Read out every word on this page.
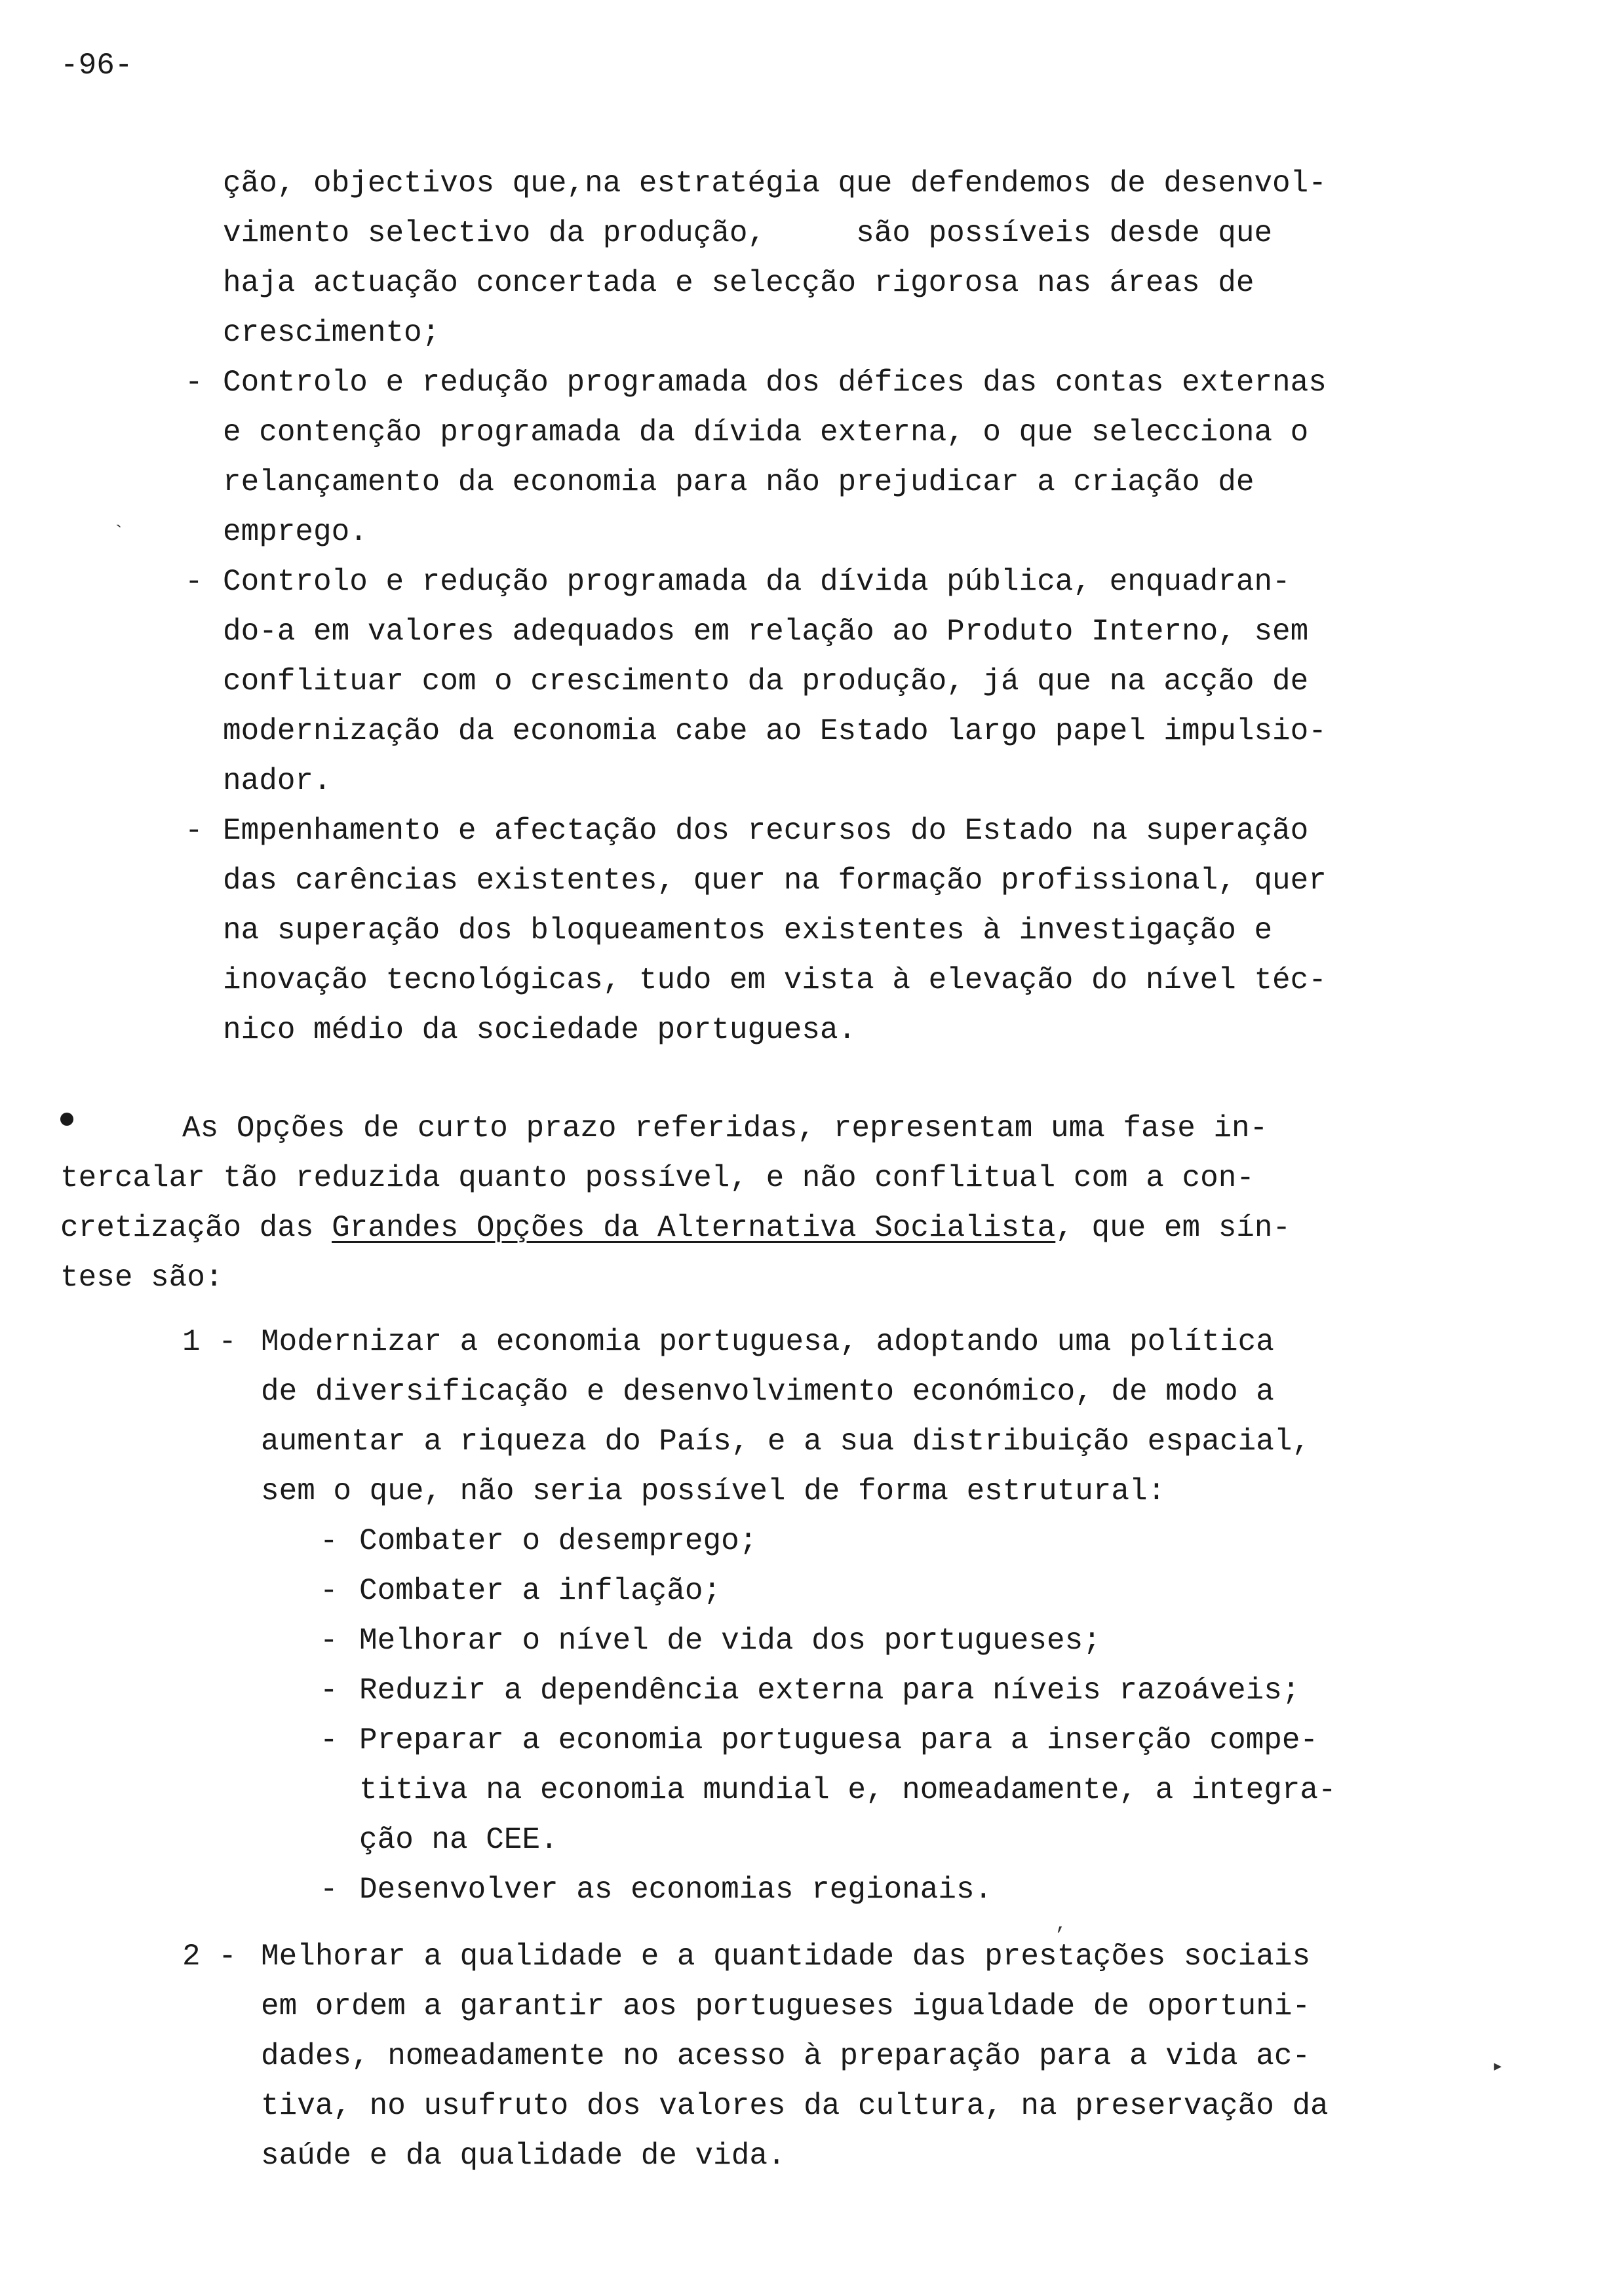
-96-
ção, objectivos que,na estratégia que defendemos de desenvol-
vimento selectivo da produção,     são possíveis desde que
haja actuação concertada e selecção rigorosa nas áreas de
crescimento;
- Controlo e redução programada dos défices das contas externas
e contenção programada da dívida externa, o que selecciona o
relançamento da economia para não prejudicar a criação de
emprego.
`
- Controlo e redução programada da dívida pública, enquadran-
do-a em valores adequados em relação ao Produto Interno, sem
conflituar com o crescimento da produção, já que na acção de
modernização da economia cabe ao Estado largo papel impulsio-
nador.
- Empenhamento e afectação dos recursos do Estado na superação
das carências existentes, quer na formação profissional, quer
na superação dos bloqueamentos existentes à investigação e
inovação tecnológicas, tudo em vista à elevação do nível téc-
nico médio da sociedade portuguesa.
As Opções de curto prazo referidas, representam uma fase in-
tercalar tão reduzida quanto possível, e não conflitual com a con-
cretização das Grandes Opções da Alternativa Socialista, que em sín-
tese são:
1 - Modernizar a economia portuguesa, adoptando uma política
de diversificação e desenvolvimento económico, de modo a
aumentar a riqueza do País, e a sua distribuição espacial,
sem o que, não seria possível de forma estrutural:
- Combater o desemprego;
- Combater a inflação;
- Melhorar o nível de vida dos portugueses;
- Reduzir a dependência externa para níveis razoáveis;
- Preparar a economia portuguesa para a inserção compe-
titiva na economia mundial e, nomeadamente, a integra-
ção na CEE.
- Desenvolver as economias regionais.
,
2 - Melhorar a qualidade e a quantidade das prestações sociais
em ordem a garantir aos portugueses igualdade de oportuni-
dades, nomeadamente no acesso à preparação para a vida ac-
tiva, no usufruto dos valores da cultura, na preservação da
saúde e da qualidade de vida.
▸
